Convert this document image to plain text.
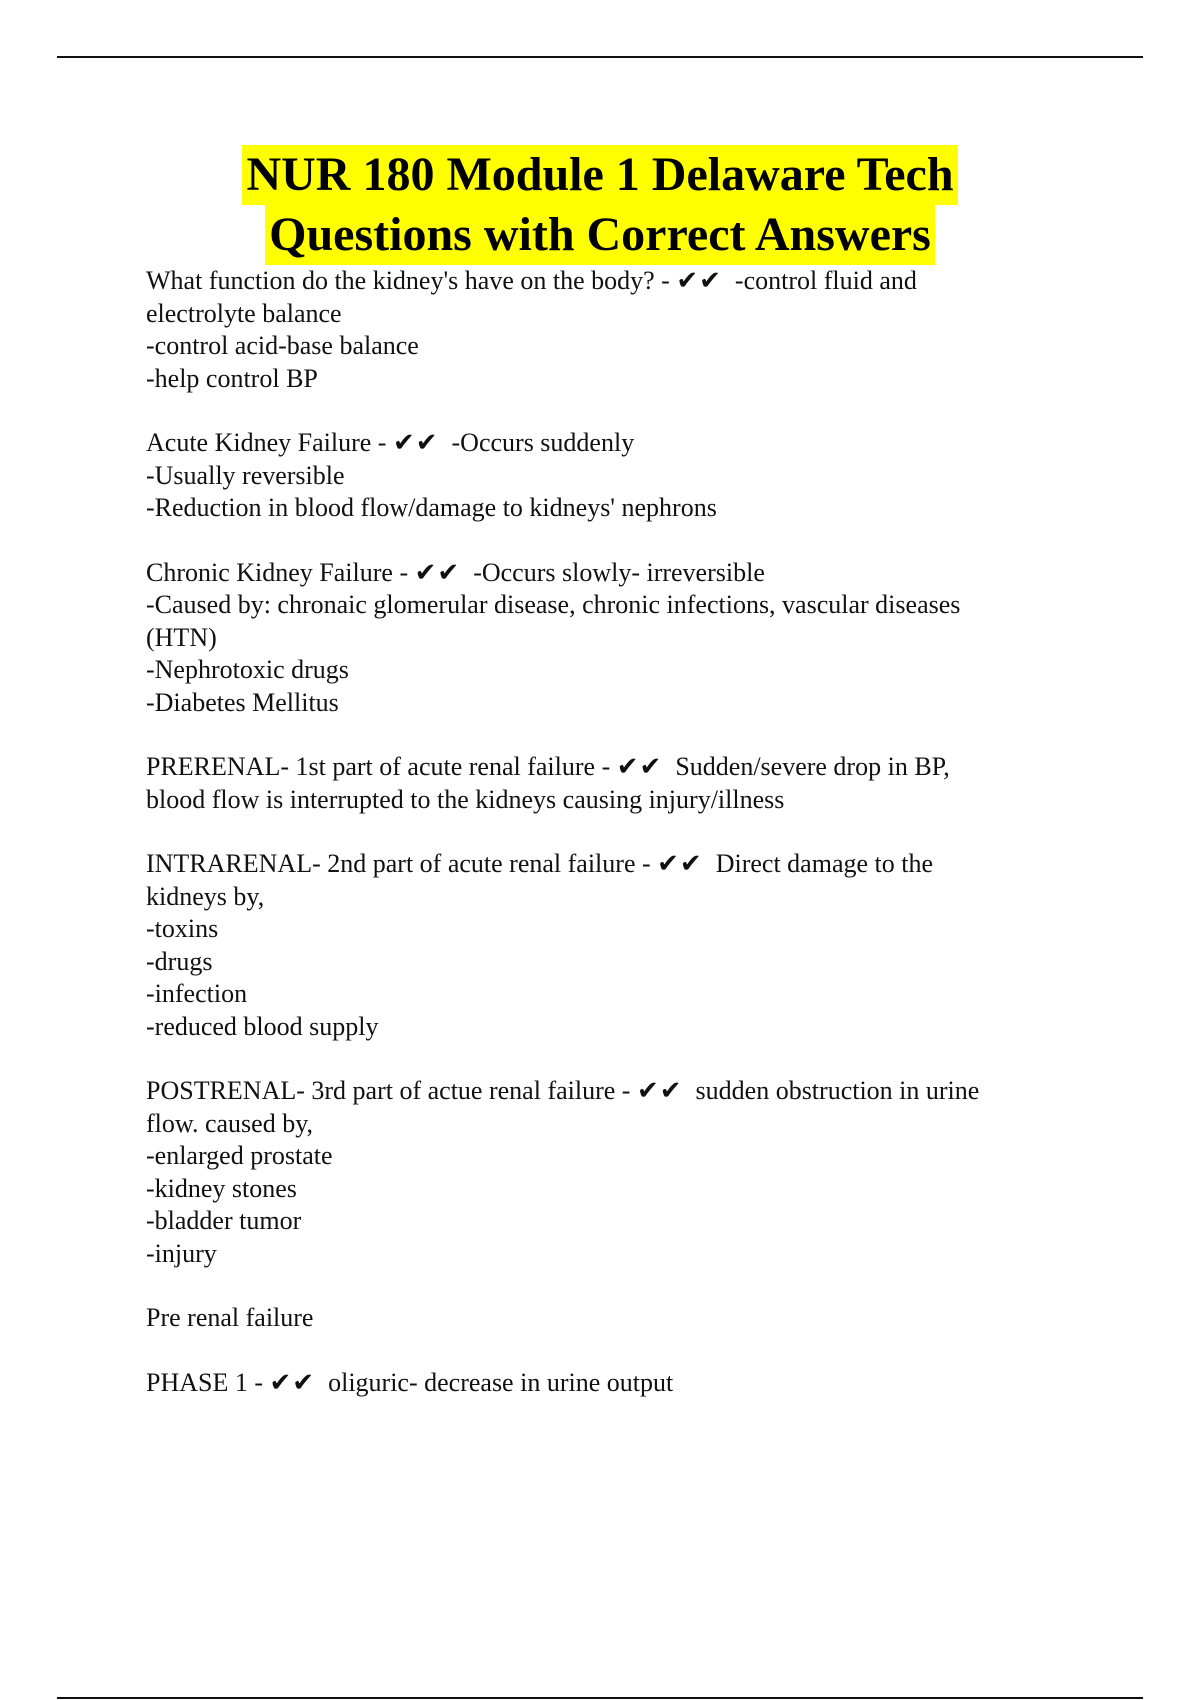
NUR 180 Module 1 Delaware Tech
Questions with Correct Answers
What function do the kidney's have on the body? - ✔✔  -control fluid and
electrolyte balance
-control acid-base balance
-help control BP
Acute Kidney Failure - ✔✔  -Occurs suddenly
-Usually reversible
-Reduction in blood flow/damage to kidneys' nephrons
Chronic Kidney Failure - ✔✔  -Occurs slowly- irreversible
-Caused by: chronaic glomerular disease, chronic infections, vascular diseases
(HTN)
-Nephrotoxic drugs
-Diabetes Mellitus
PRERENAL- 1st part of acute renal failure - ✔✔  Sudden/severe drop in BP,
blood flow is interrupted to the kidneys causing injury/illness
INTRARENAL- 2nd part of acute renal failure - ✔✔  Direct damage to the
kidneys by,
-toxins
-drugs
-infection
-reduced blood supply
POSTRENAL- 3rd part of actue renal failure - ✔✔  sudden obstruction in urine
flow. caused by,
-enlarged prostate
-kidney stones
-bladder tumor
-injury
Pre renal failure
PHASE 1 - ✔✔  oliguric- decrease in urine output
